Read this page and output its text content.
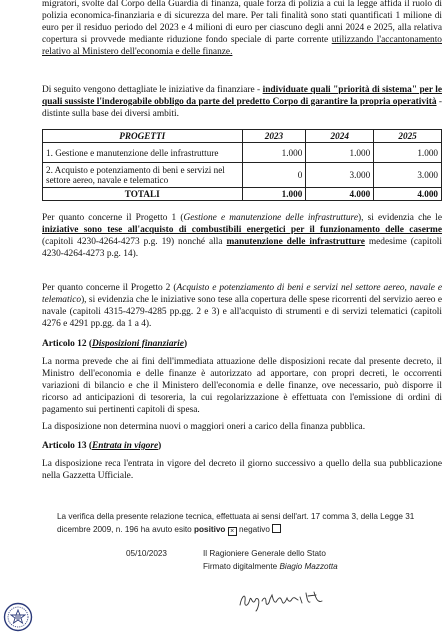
migratori, svolte dal Corpo della Guardia di finanza, quale forza di polizia a cui la legge affida il ruolo di polizia economica-finanziaria e di sicurezza del mare. Per tali finalità sono stati quantificati 1 milione di euro per il residuo periodo del 2023 e 4 milioni di euro per ciascuno degli anni 2024 e 2025, alla relativa copertura si provvede mediante riduzione fondo speciale di parte corrente utilizzando l'accantonamento relativo al Ministero dell'economia e delle finanze.

Di seguito vengono dettagliate le iniziative da finanziare - individuate quali "priorità di sistema" per le quali sussiste l'inderogabile obbligo da parte del predetto Corpo di garantire la propria operatività - distinte sulla base dei diversi ambiti.

PROGETTI	2023	2024	2025
1. Gestione e manutenzione delle infrastrutture	1.000	1.000	1.000
2. Acquisto e potenziamento di beni e servizi nel settore aereo, navale e telematico	0	3.000	3.000
TOTALI	1.000	4.000	4.000

Per quanto concerne il Progetto 1 (Gestione e manutenzione delle infrastrutture), si evidenzia che le iniziative sono tese all'acquisto di combustibili energetici per il funzionamento delle caserme (capitoli 4230-4264-4273 p.g. 19) nonché alla manutenzione delle infrastrutture medesime (capitoli 4230-4264-4273 p.g. 14).

Per quanto concerne il Progetto 2 (Acquisto e potenziamento di beni e servizi nel settore aereo, navale e telematico), si evidenzia che le iniziative sono tese alla copertura delle spese ricorrenti del servizio aereo e navale (capitoli 4315-4279-4285 pp.gg. 2 e 3) e all'acquisto di strumenti e di servizi telematici (capitoli 4276 e 4291 pp.gg. da 1 a 4).

Articolo 12 (Disposizioni finanziarie)

La norma prevede che ai fini dell'immediata attuazione delle disposizioni recate dal presente decreto, il Ministro dell'economia e delle finanze è autorizzato ad apportare, con propri decreti, le occorrenti variazioni di bilancio e che il Ministero dell'economia e delle finanze, ove necessario, può disporre il ricorso ad anticipazioni di tesoreria, la cui regolarizzazione è effettuata con l'emissione di ordini di pagamento sui pertinenti capitoli di spesa.

La disposizione non determina nuovi o maggiori oneri a carico della finanza pubblica.

Articolo 13 (Entrata in vigore)

La disposizione reca l'entrata in vigore del decreto il giorno successivo a quello della sua pubblicazione nella Gazzetta Ufficiale.

La verifica della presente relazione tecnica, effettuata ai sensi dell'art. 17 comma 3, della Legge 31
dicembre 2009, n. 196 ha avuto esito positivo × negativo
05/10/2023	Il Ragioniere Generale dello Stato
Firmato digitalmente Biagio Mazzotta
